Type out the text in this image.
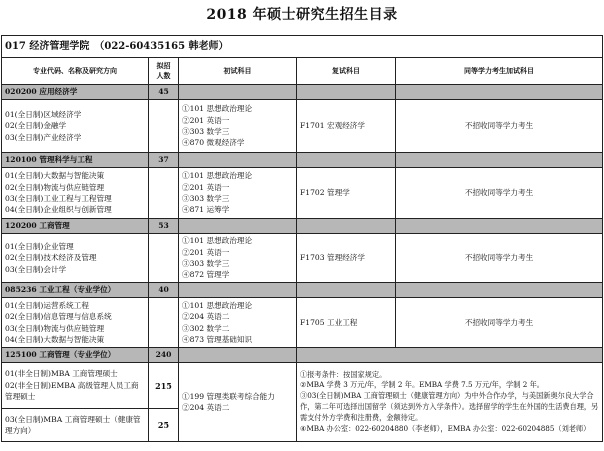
2018 年硕士研究生招生目录
017 经济管理学院　（022-60435165 韩老师）				
专业代码、名称及研究方向	拟招
人数	初试科目	复试科目	同等学力考生加试科目
020200 应用经济学	45			

01(全日制)区域经济学
02(全日制)金融学
03(全日制)产业经济学

①101 思想政治理论
②201 英语一
③303 数学三
④870 微观经济学
	F1701 宏观经济学	不招收同等学力考生
120100 管理科学与工程	37			

01(全日制)大数据与智能决策
02(全日制)物流与供应链管理
03(全日制)工业工程与工程管理
04(全日制)企业组织与创新管理

①101 思想政治理论
②201 英语一
③303 数学三
④871 运筹学
	F1702 管理学	不招收同等学力考生
120200 工商管理	53			

01(全日制)企业管理
02(全日制)技术经济及管理
03(全日制)会计学

①101 思想政治理论
②201 英语一
③303 数学三
④872 管理学
	F1703 管理经济学	不招收同等学力考生
085236 工业工程（专业学位）	40			

01(全日制)运营系统工程
02(全日制)信息管理与信息系统
03(全日制)物流与供应链管理
04(全日制)大数据与智能决策

①101 思想政治理论
②204 英语二
③302 数学二
④873 管理基础知识
	F1705 工业工程	不招收同等学力考生
125100 工商管理（专业学位）	240			

01(非全日制)MBA 工商管理硕士
02(非全日制)EMBA 高级管理人员工商管理硕士
	215	
①199 管理类联考综合能力
②204 英语二

①报考条件：按国家规定。
②MBA 学费 3 万元/年，学制 2 年。EMBA 学费 7.5 万元/年，学制 2 年。
③03(全日制)MBA 工商管理硕士（健康管理方向）为中外合作办学，与美国新奥尔良大学合作，第二年可选择出国留学（须达到外方入学条件）。选择留学的学生在外国的生活费自理，另需支付外方学费和注册费，金额待定。
④MBA 办公室：022-60204880（李老师），EMBA 办公室：022-60204885（刘老师）

03(全日制)MBA 工商管理硕士（健康管理方向）	25			
